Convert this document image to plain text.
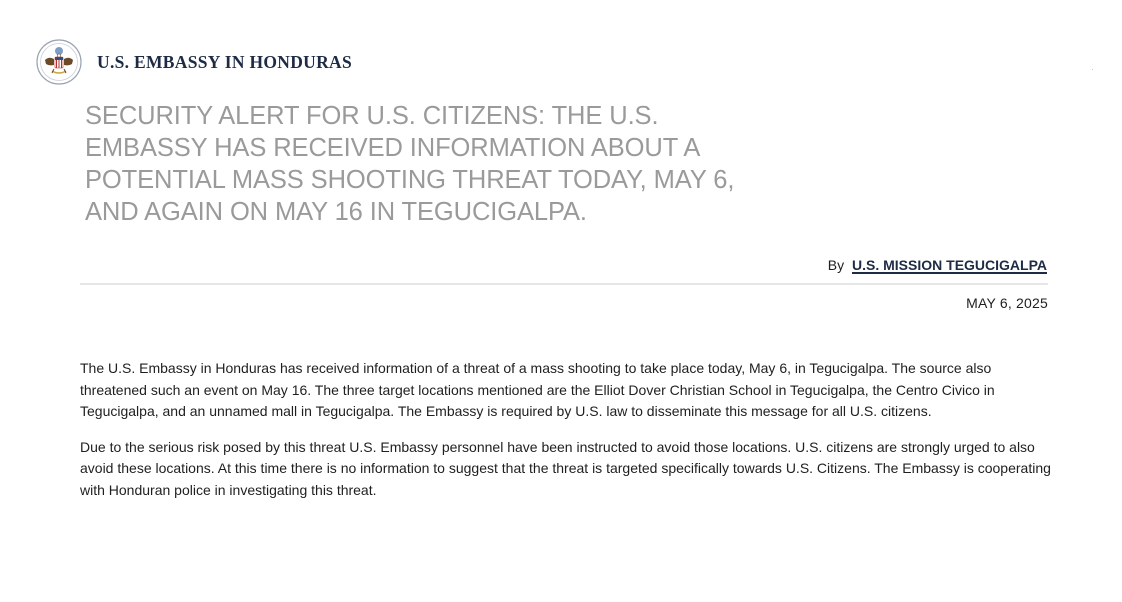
U.S. EMBASSY IN HONDURAS
SECURITY ALERT FOR U.S. CITIZENS: THE U.S. EMBASSY HAS RECEIVED INFORMATION ABOUT A POTENTIAL MASS SHOOTING THREAT TODAY, MAY 6, AND AGAIN ON MAY 16 IN TEGUCIGALPA.
By U.S. MISSION TEGUCIGALPA
MAY 6, 2025

The U.S. Embassy in Honduras has received information of a threat of a mass shooting to take place today, May 6, in Tegucigalpa. The source also threatened such an event on May 16. The three target locations mentioned are the Elliot Dover Christian School in Tegucigalpa, the Centro Civico in Tegucigalpa, and an unnamed mall in Tegucigalpa. The Embassy is required by U.S. law to disseminate this message for all U.S. citizens.

Due to the serious risk posed by this threat U.S. Embassy personnel have been instructed to avoid those locations. U.S. citizens are strongly urged to also avoid these locations. At this time there is no information to suggest that the threat is targeted specifically towards U.S. Citizens. The Embassy is cooperating with Honduran police in investigating this threat.
